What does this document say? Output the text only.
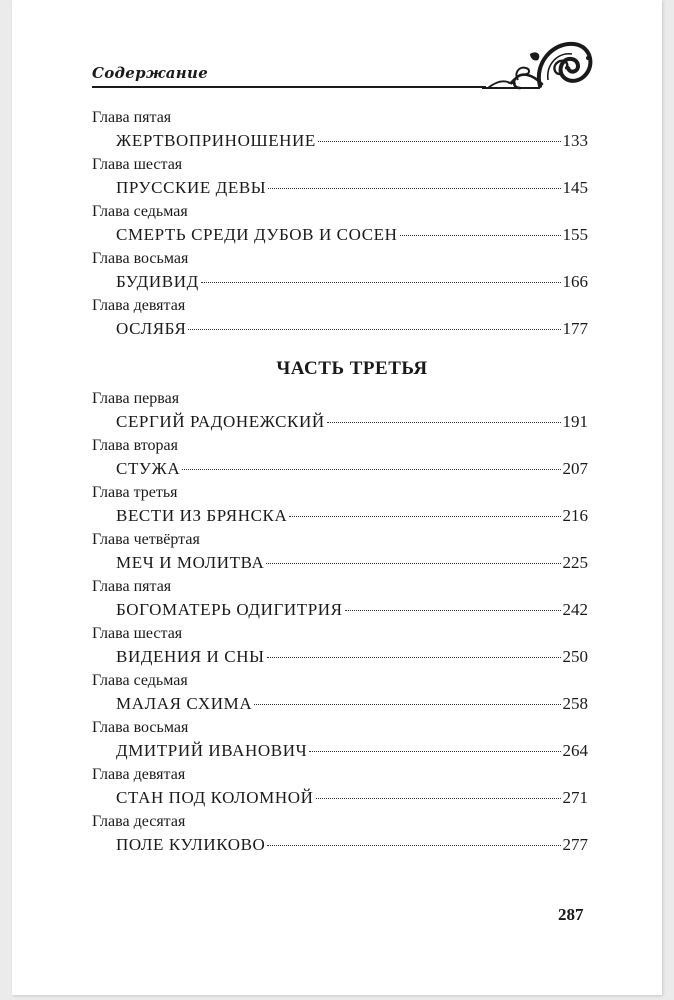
Содержание
Глава пятая
ЖЕРТВОПРИНОШЕНИЕ	133
Глава шестая
ПРУССКИЕ ДЕВЫ	145
Глава седьмая
СМЕРТЬ СРЕДИ ДУБОВ И СОСЕН	155
Глава восьмая
БУДИВИД	166
Глава девятая
ОСЛЯБЯ	177
ЧАСТЬ ТРЕТЬЯ
Глава первая
СЕРГИЙ РАДОНЕЖСКИЙ	191
Глава вторая
СТУЖА	207
Глава третья
ВЕСТИ ИЗ БРЯНСКА	216
Глава четвёртая
МЕЧ И МОЛИТВА	225
Глава пятая
БОГОМАТЕРЬ ОДИГИТРИЯ	242
Глава шестая
ВИДЕНИЯ И СНЫ	250
Глава седьмая
МАЛАЯ СХИМА	258
Глава восьмая
ДМИТРИЙ ИВАНОВИЧ	264
Глава девятая
СТАН ПОД КОЛОМНОЙ	271
Глава десятая
ПОЛЕ КУЛИКОВО	277
287
